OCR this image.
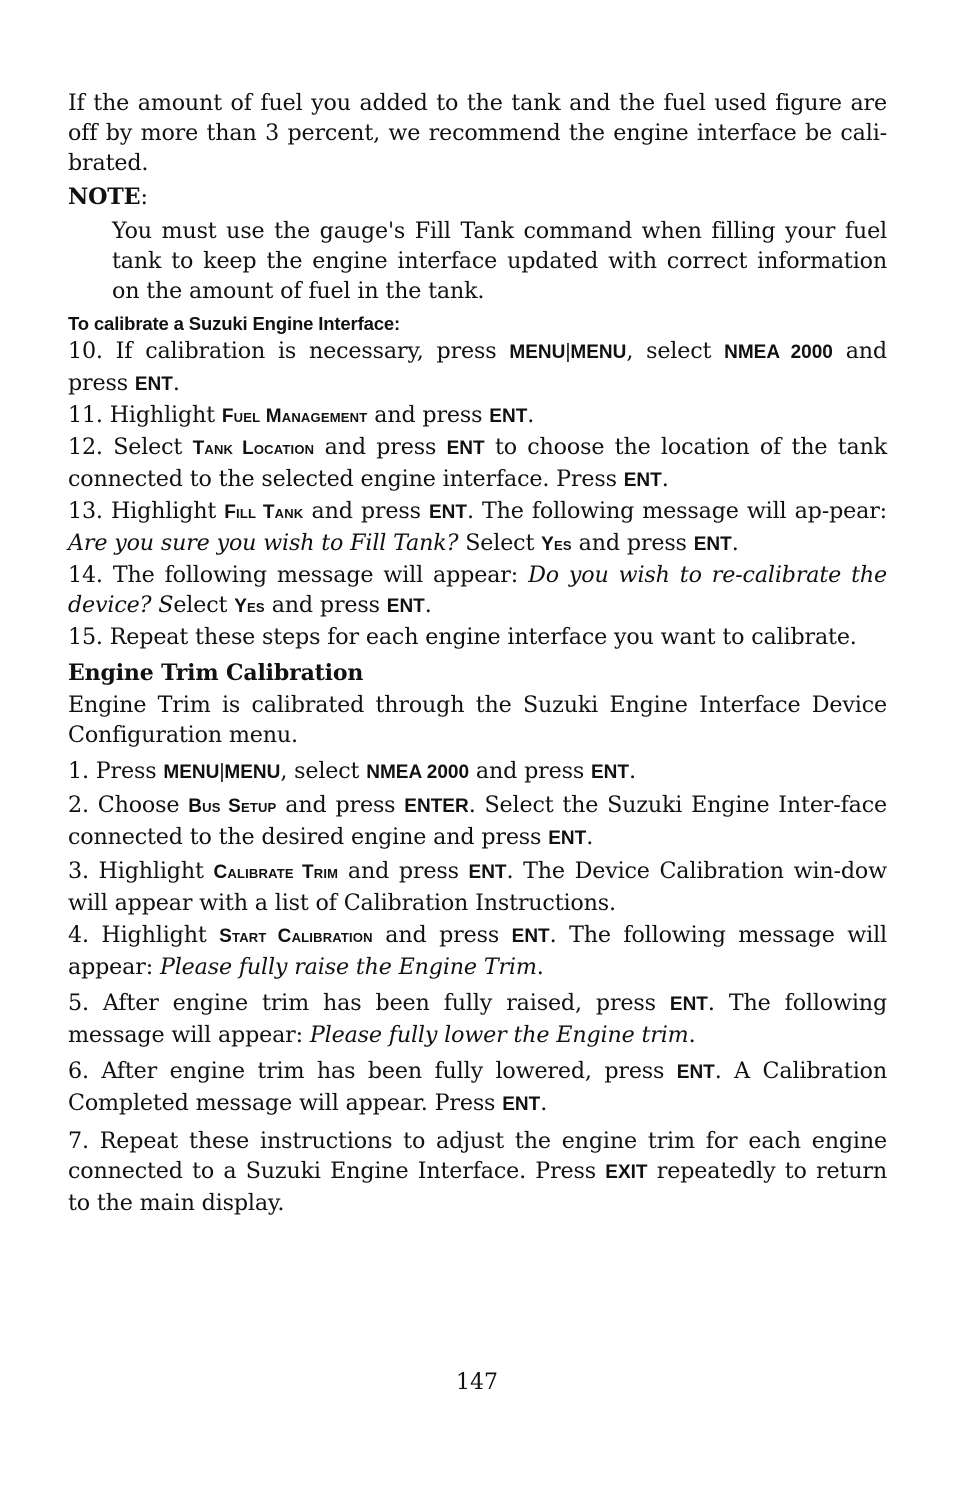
If the amount of fuel you added to the tank and the fuel used figure are off by more than 3 percent, we recommend the engine interface be cali-brated.

NOTE:

You must use the gauge's Fill Tank command when filling your fuel tank to keep the engine interface updated with correct information on the amount of fuel in the tank.

To calibrate a Suzuki Engine Interface:

10. If calibration is necessary, press MENU|MENU, select NMEA 2000 and press ENT.

11. Highlight Fuel Management and press ENT.

12. Select Tank Location and press ENT to choose the location of the tank connected to the selected engine interface. Press ENT.

13. Highlight Fill Tank and press ENT. The following message will ap-pear: Are you sure you wish to Fill Tank? Select Yes and press ENT.

14. The following message will appear: Do you wish to re-calibrate the device? Select Yes and press ENT.

15. Repeat these steps for each engine interface you want to calibrate.

Engine Trim Calibration

Engine Trim is calibrated through the Suzuki Engine Interface Device Configuration menu.

1. Press MENU|MENU, select NMEA 2000 and press ENT.

2. Choose Bus Setup and press ENTER. Select the Suzuki Engine Inter-face connected to the desired engine and press ENT.

3. Highlight Calibrate Trim and press ENT. The Device Calibration win-dow will appear with a list of Calibration Instructions.

4. Highlight Start Calibration and press ENT. The following message will appear: Please fully raise the Engine Trim.

5. After engine trim has been fully raised, press ENT. The following message will appear: Please fully lower the Engine trim.

6. After engine trim has been fully lowered, press ENT. A Calibration Completed message will appear. Press ENT.

7. Repeat these instructions to adjust the engine trim for each engine connected to a Suzuki Engine Interface. Press EXIT repeatedly to return to the main display.

147
